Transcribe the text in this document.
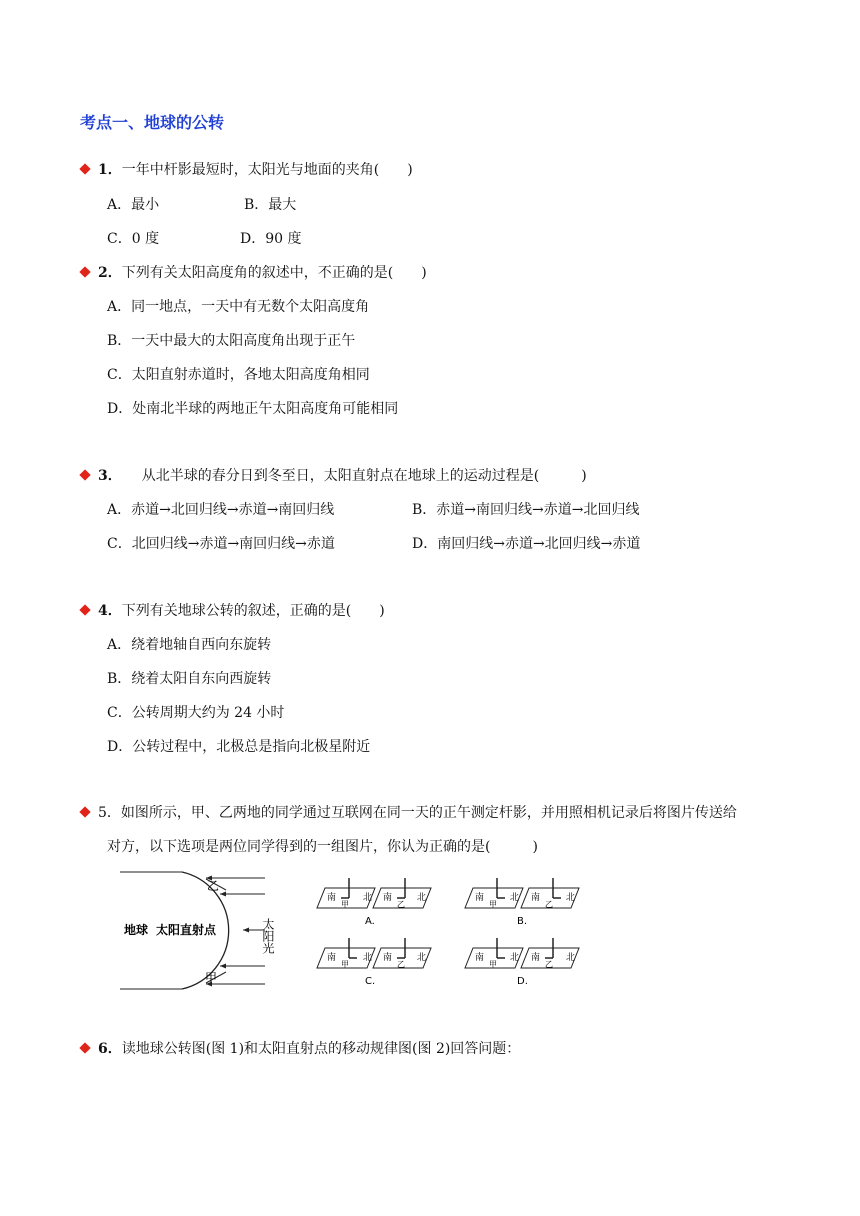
考点一、地球的公转
1．一年中杆影最短时，太阳光与地面的夹角(　　)
A．最小	B．最大
C．0 度	D．90 度
2．下列有关太阳高度角的叙述中，不正确的是(　　)
A．同一地点，一天中有无数个太阳高度角
B．一天中最大的太阳高度角出现于正午
C．太阳直射赤道时，各地太阳高度角相同
D．处南北半球的两地正午太阳高度角可能相同
3． 从北半球的春分日到冬至日，太阳直射点在地球上的运动过程是(　　　)
A．赤道→北回归线→赤道→南回归线	B．赤道→南回归线→赤道→北回归线
C．北回归线→赤道→南回归线→赤道	D．南回归线→赤道→北回归线→赤道
4．下列有关地球公转的叙述，正确的是(　　)
A．绕着地轴自西向东旋转
B．绕着太阳自东向西旋转
C．公转周期大约为 24 小时
D．公转过程中，北极总是指向北极星附近
5．如图所示，甲、乙两地的同学通过互联网在同一天的正午测定杆影，并用照相机记录后将图片传送给
对方，以下选项是两位同学得到的一组图片，你认为正确的是(　　　)
乙
甲
地球 太阳直射点	太阳光
南	北
甲
南	北
乙
A.
南	北
甲
南	北
乙
B.
南	北
甲
南	北
乙
C.
南	北
甲
南	北
乙
D.
6．读地球公转图(图 1)和太阳直射点的移动规律图(图 2)回答问题：
